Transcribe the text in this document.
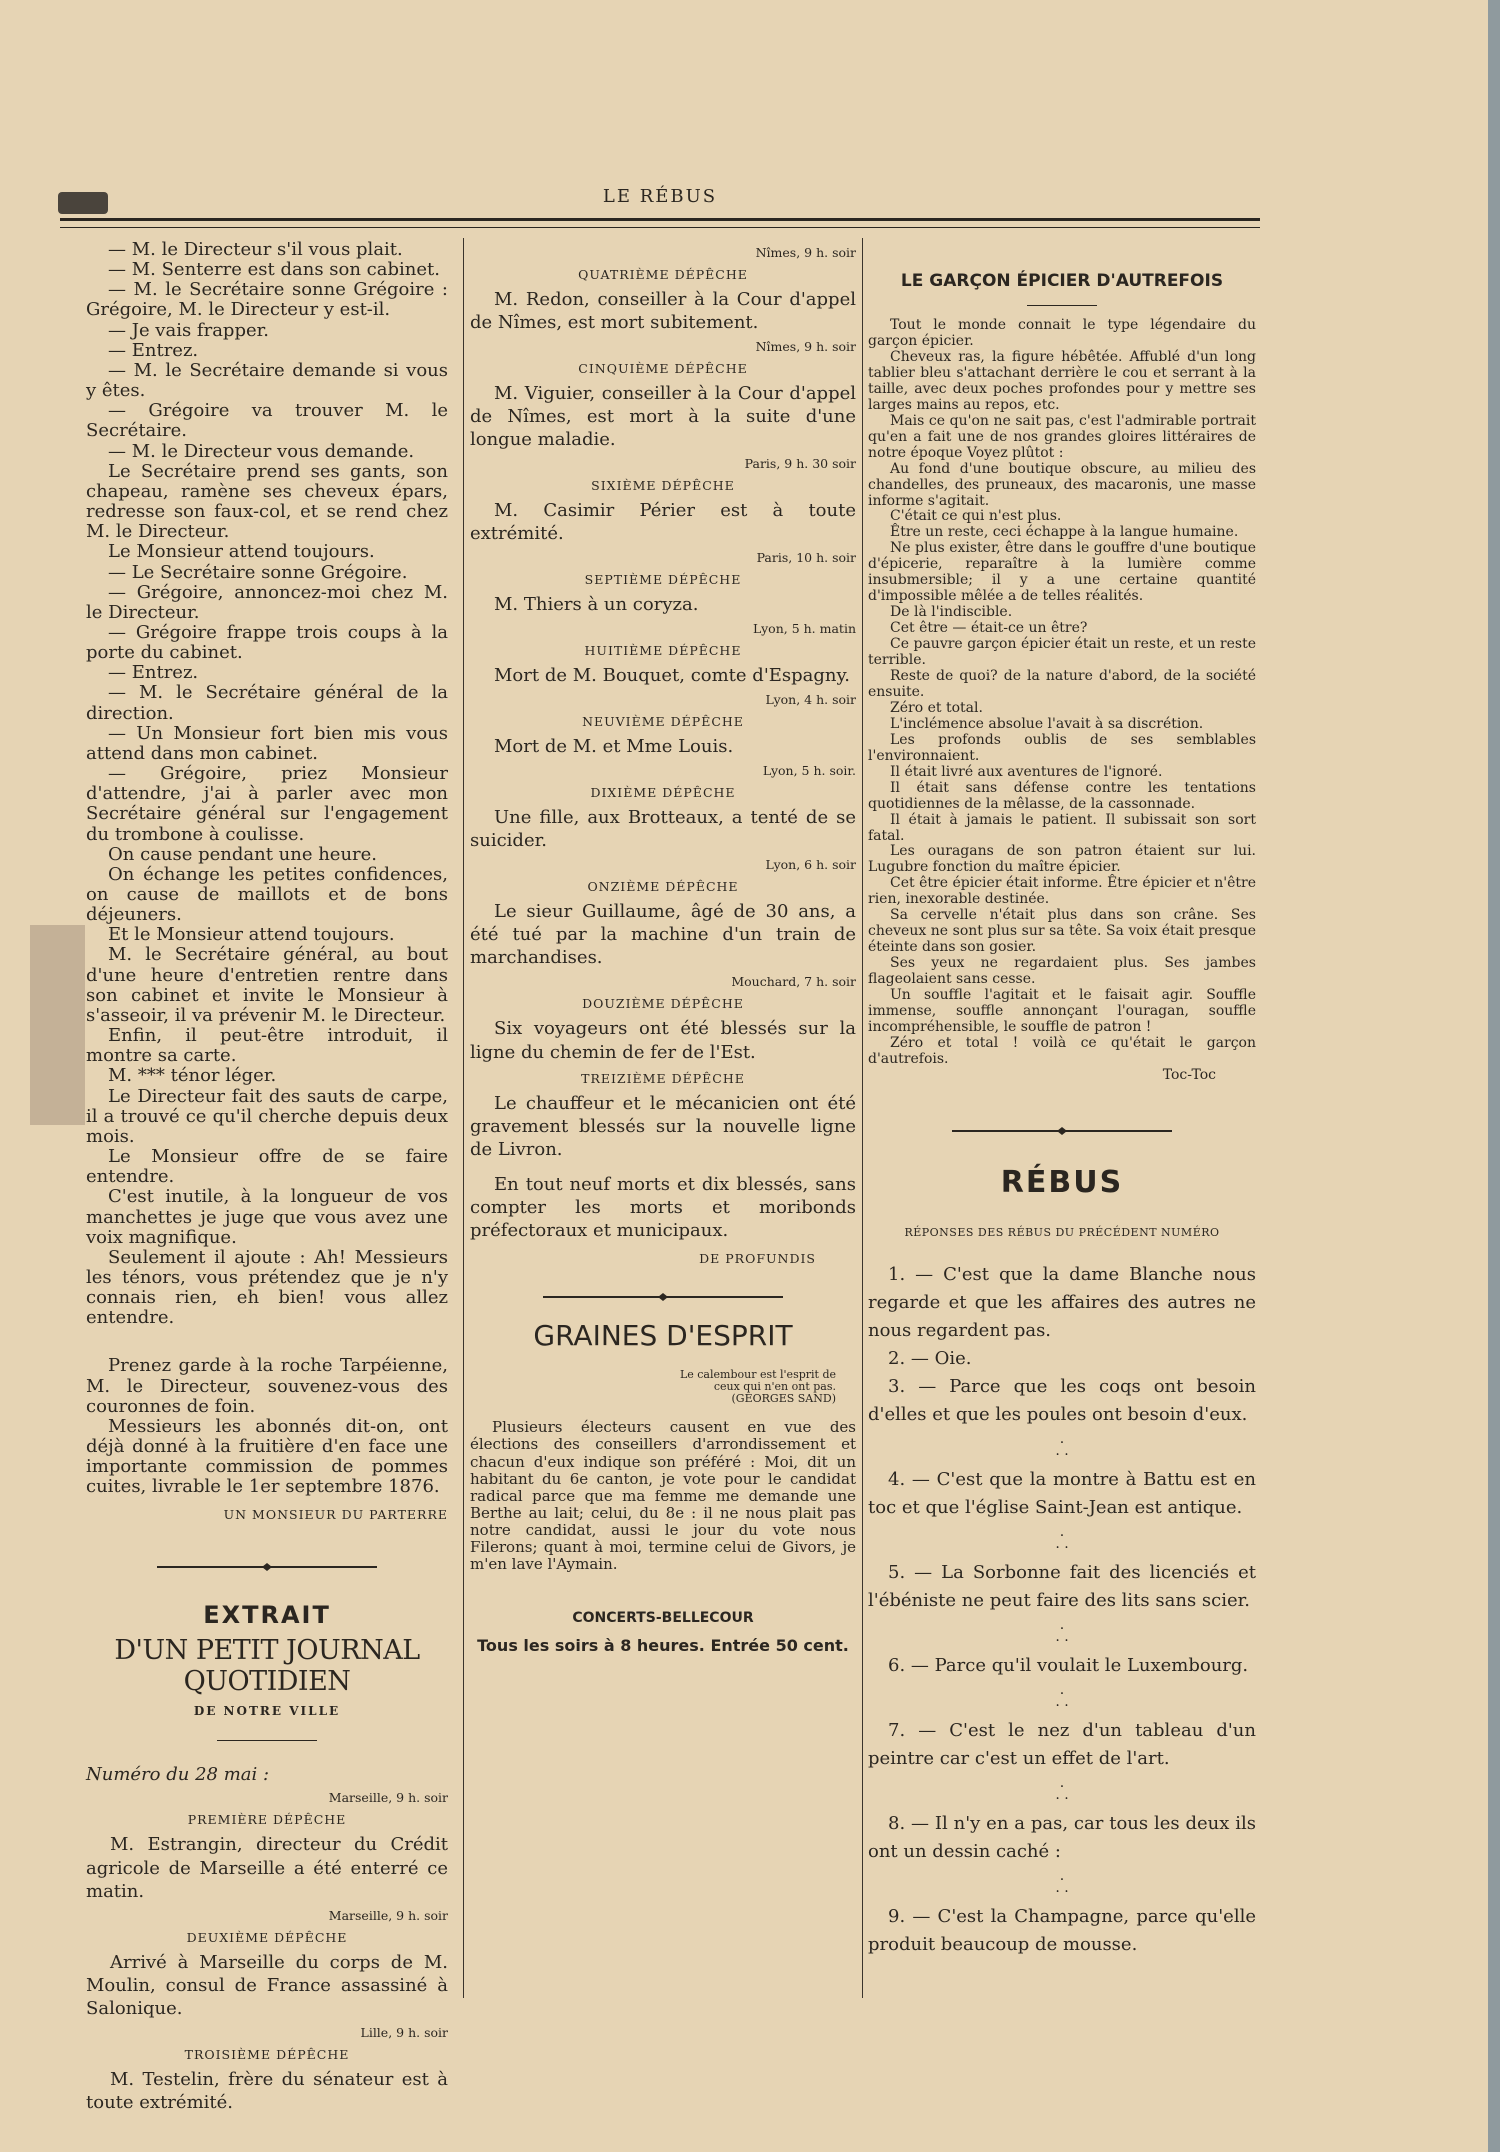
LE RÉBUS

— M. le Directeur s'il vous plait.

— M. Senterre est dans son cabinet.

— M. le Secrétaire sonne Grégoire : Grégoire, M. le Directeur y est-il.

— Je vais frapper.

— Entrez.

— M. le Secrétaire demande si vous y êtes.

— Grégoire va trouver M. le Secrétaire.

— M. le Directeur vous demande.

Le Secrétaire prend ses gants, son chapeau, ramène ses cheveux épars, redresse son faux-col, et se rend chez M. le Directeur.

Le Monsieur attend toujours.

— Le Secrétaire sonne Grégoire.

— Grégoire, annoncez-moi chez M. le Directeur.

— Grégoire frappe trois coups à la porte du cabinet.

— Entrez.

— M. le Secrétaire général de la direction.

— Un Monsieur fort bien mis vous attend dans mon cabinet.

— Grégoire, priez Monsieur d'attendre, j'ai à parler avec mon Secrétaire général sur l'engagement du trombone à coulisse.

On cause pendant une heure.

On échange les petites confidences, on cause de maillots et de bons déjeuners.

Et le Monsieur attend toujours.

M. le Secrétaire général, au bout d'une heure d'entretien rentre dans son cabinet et invite le Monsieur à s'asseoir, il va prévenir M. le Directeur.

Enfin, il peut-être introduit, il montre sa carte.

M. *** ténor léger.

Le Directeur fait des sauts de carpe, il a trouvé ce qu'il cherche depuis deux mois.

Le Monsieur offre de se faire entendre.

C'est inutile, à la longueur de vos manchettes je juge que vous avez une voix magnifique.

Seulement il ajoute : Ah! Messieurs les ténors, vous prétendez que je n'y connais rien, eh bien! vous allez entendre.

Prenez garde à la roche Tarpéienne, M. le Directeur, souvenez-vous des couronnes de foin.

Messieurs les abonnés dit-on, ont déjà donné à la fruitière d'en face une importante commission de pommes cuites, livrable le 1er septembre 1876.

UN MONSIEUR DU PARTERRE
EXTRAIT
D'UN PETIT JOURNAL QUOTIDIEN
DE NOTRE VILLE
Numéro du 28 mai :
Marseille, 9 h. soir
PREMIÈRE DÉPÊCHE

M. Estrangin, directeur du Crédit agricole de Marseille a été enterré ce matin.

Marseille, 9 h. soir
DEUXIÈME DÉPÊCHE

Arrivé à Marseille du corps de M. Moulin, consul de France assassiné à Salonique.

Lille, 9 h. soir
TROISIÈME DÉPÊCHE

M. Testelin, frère du sénateur est à toute extrémité.

Nîmes, 9 h. soir
QUATRIÈME DÉPÊCHE

M. Redon, conseiller à la Cour d'appel de Nîmes, est mort subitement.

Nîmes, 9 h. soir
CINQUIÈME DÉPÊCHE

M. Viguier, conseiller à la Cour d'appel de Nîmes, est mort à la suite d'une longue maladie.

Paris, 9 h. 30 soir
SIXIÈME DÉPÊCHE

M. Casimir Périer est à toute extrémité.

Paris, 10 h. soir
SEPTIÈME DÉPÊCHE

M. Thiers à un coryza.

Lyon, 5 h. matin
HUITIÈME DÉPÊCHE

Mort de M. Bouquet, comte d'Espagny.

Lyon, 4 h. soir
NEUVIÈME DÉPÊCHE

Mort de M. et Mme Louis.

Lyon, 5 h. soir.
DIXIÈME DÉPÊCHE

Une fille, aux Brotteaux, a tenté de se suicider.

Lyon, 6 h. soir
ONZIÈME DÉPÊCHE

Le sieur Guillaume, âgé de 30 ans, a été tué par la machine d'un train de marchandises.

Mouchard, 7 h. soir
DOUZIÈME DÉPÊCHE

Six voyageurs ont été blessés sur la ligne du chemin de fer de l'Est.

TREIZIÈME DÉPÊCHE

Le chauffeur et le mécanicien ont été gravement blessés sur la nouvelle ligne de Livron.

En tout neuf morts et dix blessés, sans compter les morts et moribonds préfectoraux et municipaux.

DE PROFUNDIS
GRAINES D'ESPRIT
Le calembour est l'esprit de ceux qui n'en ont pas.
(GEORGES SAND)

Plusieurs électeurs causent en vue des élections des conseillers d'arrondissement et chacun d'eux indique son préféré : Moi, dit un habitant du 6e canton, je vote pour le candidat radical parce que ma femme me demande une Berthe au lait; celui, du 8e : il ne nous plait pas notre candidat, aussi le jour du vote nous Filerons; quant à moi, termine celui de Givors, je m'en lave l'Aymain.

CONCERTS-BELLECOUR
Tous les soirs à 8 heures. Entrée 50 cent.
LE GARÇON ÉPICIER D'AUTREFOIS

Tout le monde connait le type légendaire du garçon épicier.

Cheveux ras, la figure hébêtée. Affublé d'un long tablier bleu s'attachant derrière le cou et serrant à la taille, avec deux poches profondes pour y mettre ses larges mains au repos, etc.

Mais ce qu'on ne sait pas, c'est l'admirable portrait qu'en a fait une de nos grandes gloires littéraires de notre époque Voyez plûtot :

Au fond d'une boutique obscure, au milieu des chandelles, des pruneaux, des macaronis, une masse informe s'agitait.

C'était ce qui n'est plus.

Être un reste, ceci échappe à la langue humaine.

Ne plus exister, être dans le gouffre d'une boutique d'épicerie, reparaître à la lumière comme insubmersible; il y a une certaine quantité d'impossible mêlée a de telles réalités.

De là l'indiscible.

Cet être — était-ce un être?

Ce pauvre garçon épicier était un reste, et un reste terrible.

Reste de quoi? de la nature d'abord, de la société ensuite.

Zéro et total.

L'inclémence absolue l'avait à sa discrétion.

Les profonds oublis de ses semblables l'environnaient.

Il était livré aux aventures de l'ignoré.

Il était sans défense contre les tentations quotidiennes de la mêlasse, de la cassonnade.

Il était à jamais le patient. Il subissait son sort fatal.

Les ouragans de son patron étaient sur lui. Lugubre fonction du maître épicier.

Cet être épicier était informe. Être épicier et n'être rien, inexorable destinée.

Sa cervelle n'était plus dans son crâne. Ses cheveux ne sont plus sur sa tête. Sa voix était presque éteinte dans son gosier.

Ses yeux ne regardaient plus. Ses jambes flageolaient sans cesse.

Un souffle l'agitait et le faisait agir. Souffle immense, souffle annonçant l'ouragan, souffle incompréhensible, le souffle de patron !

Zéro et total ! voilà ce qu'était le garçon d'autrefois.

Toc-Toc
RÉBUS
RÉPONSES DES RÉBUS DU PRÉCÉDENT NUMÉRO

1. — C'est que la dame Blanche nous regarde et que les affaires des autres ne nous regardent pas.

2. — Oie.

3. — Parce que les coqs ont besoin d'elles et que les poules ont besoin d'eux.

.
. .

4. — C'est que la montre à Battu est en toc et que l'église Saint-Jean est antique.

.
. .

5. — La Sorbonne fait des licenciés et l'ébéniste ne peut faire des lits sans scier.

.
. .

6. — Parce qu'il voulait le Luxembourg.

.
. .

7. — C'est le nez d'un tableau d'un peintre car c'est un effet de l'art.

.
. .

8. — Il n'y en a pas, car tous les deux ils ont un dessin caché :

.
. .

9. — C'est la Champagne, parce qu'elle produit beaucoup de mousse.
